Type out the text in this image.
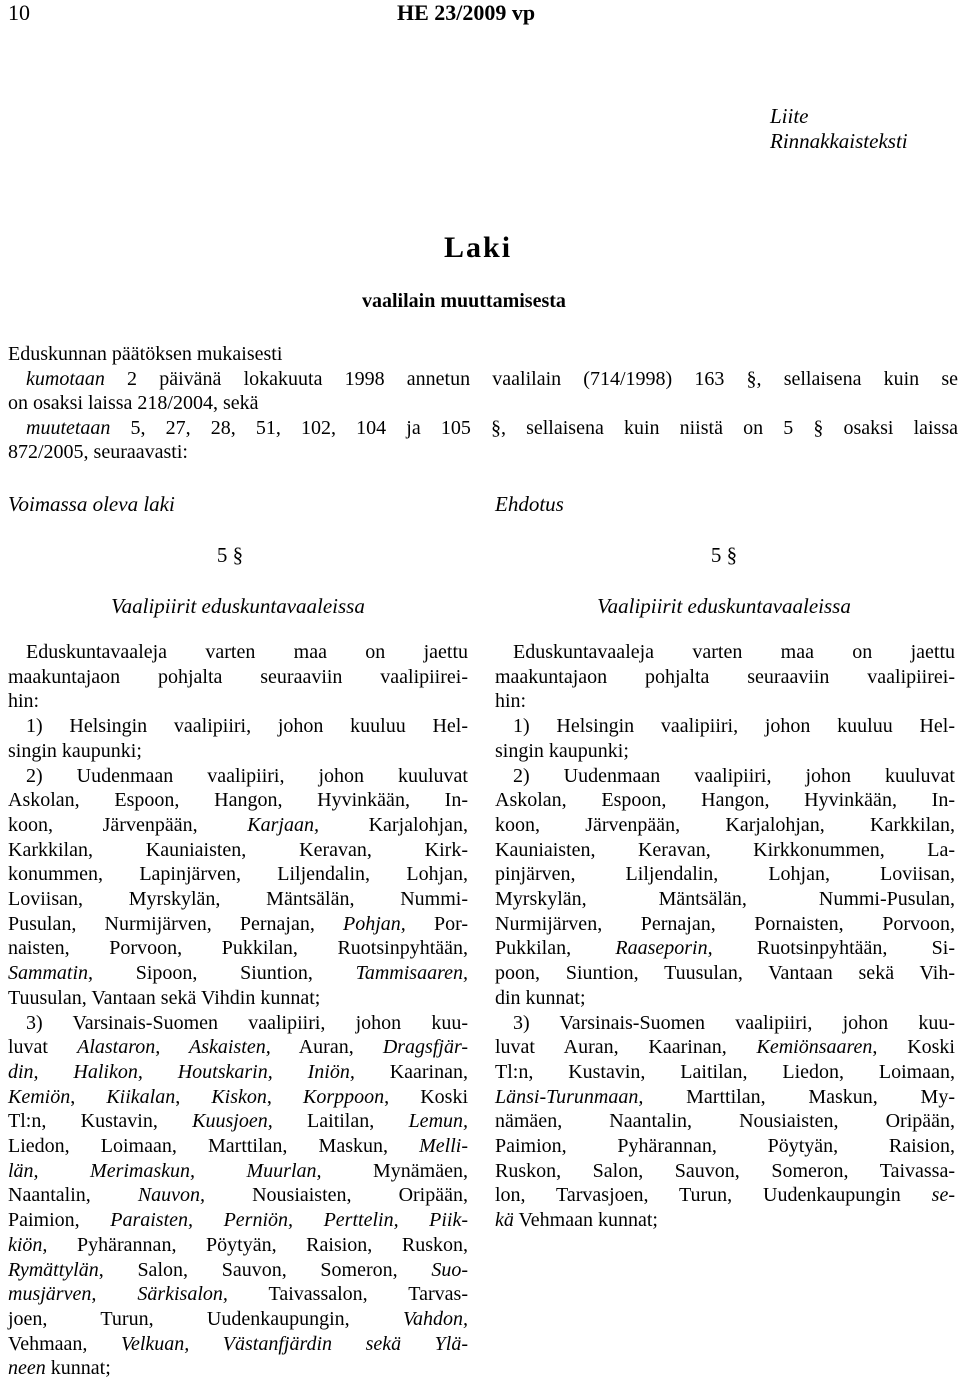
10	HE 23/2009 vp
Liite
Rinnakkaisteksti
Laki
vaalilain muuttamisesta
Eduskunnan päätöksen mukaisesti
kumotaan 2 päivänä lokakuuta 1998 annetun vaalilain (714/1998) 163 §, sellaisena kuin se
on osaksi laissa 218/2004, sekä
muutetaan 5, 27, 28, 51, 102, 104 ja 105 §, sellaisena kuin niistä on 5 § osaksi laissa
872/2005, seuraavasti:
Voimassa oleva laki	Ehdotus
5 §
Vaalipiirit eduskuntavaaleissa
5 §
Vaalipiirit eduskuntavaaleissa
Eduskuntavaaleja varten maa on jaettu
maakuntajaon pohjalta seuraaviin vaalipiirei-
hin:
1) Helsingin vaalipiiri, johon kuuluu Hel-
singin kaupunki;
2) Uudenmaan vaalipiiri, johon kuuluvat
Askolan, Espoon, Hangon, Hyvinkään, In-
koon, Järvenpään, Karjaan, Karjalohjan,
Karkkilan, Kauniaisten, Keravan, Kirk-
konummen, Lapinjärven, Liljendalin, Lohjan,
Loviisan, Myrskylän, Mäntsälän, Nummi-
Pusulan, Nurmijärven, Pernajan, Pohjan, Por-
naisten, Porvoon, Pukkilan, Ruotsinpyhtään,
Sammatin, Sipoon, Siuntion, Tammisaaren,
Tuusulan, Vantaan sekä Vihdin kunnat;
3) Varsinais-Suomen vaalipiiri, johon kuu-
luvat Alastaron, Askaisten, Auran, Dragsfjär-
din, Halikon, Houtskarin, Iniön, Kaarinan,
Kemiön, Kiikalan, Kiskon, Korppoon, Koski
Tl:n, Kustavin, Kuusjoen, Laitilan, Lemun,
Liedon, Loimaan, Marttilan, Maskun, Melli-
län, Merimaskun, Muurlan, Mynämäen,
Naantalin, Nauvon, Nousiaisten, Oripään,
Paimion, Paraisten, Perniön, Perttelin, Piik-
kiön, Pyhärannan, Pöytyän, Raision, Ruskon,
Rymättylän, Salon, Sauvon, Someron, Suo-
musjärven, Särkisalon, Taivassalon, Tarvas-
joen, Turun, Uudenkaupungin, Vahdon,
Vehmaan, Velkuan, Västanfjärdin sekä Ylä-
neen kunnat;
Eduskuntavaaleja varten maa on jaettu
maakuntajaon pohjalta seuraaviin vaalipiirei-
hin:
1) Helsingin vaalipiiri, johon kuuluu Hel-
singin kaupunki;
2) Uudenmaan vaalipiiri, johon kuuluvat
Askolan, Espoon, Hangon, Hyvinkään, In-
koon, Järvenpään, Karjalohjan, Karkkilan,
Kauniaisten, Keravan, Kirkkonummen, La-
pinjärven, Liljendalin, Lohjan, Loviisan,
Myrskylän, Mäntsälän, Nummi-Pusulan,
Nurmijärven, Pernajan, Pornaisten, Porvoon,
Pukkilan, Raaseporin, Ruotsinpyhtään, Si-
poon, Siuntion, Tuusulan, Vantaan sekä Vih-
din kunnat;
3) Varsinais-Suomen vaalipiiri, johon kuu-
luvat Auran, Kaarinan, Kemiönsaaren, Koski
Tl:n, Kustavin, Laitilan, Liedon, Loimaan,
Länsi-Turunmaan, Marttilan, Maskun, My-
nämäen, Naantalin, Nousiaisten, Oripään,
Paimion, Pyhärannan, Pöytyän, Raision,
Ruskon, Salon, Sauvon, Someron, Taivassa-
lon, Tarvasjoen, Turun, Uudenkaupungin se-
kä Vehmaan kunnat;
